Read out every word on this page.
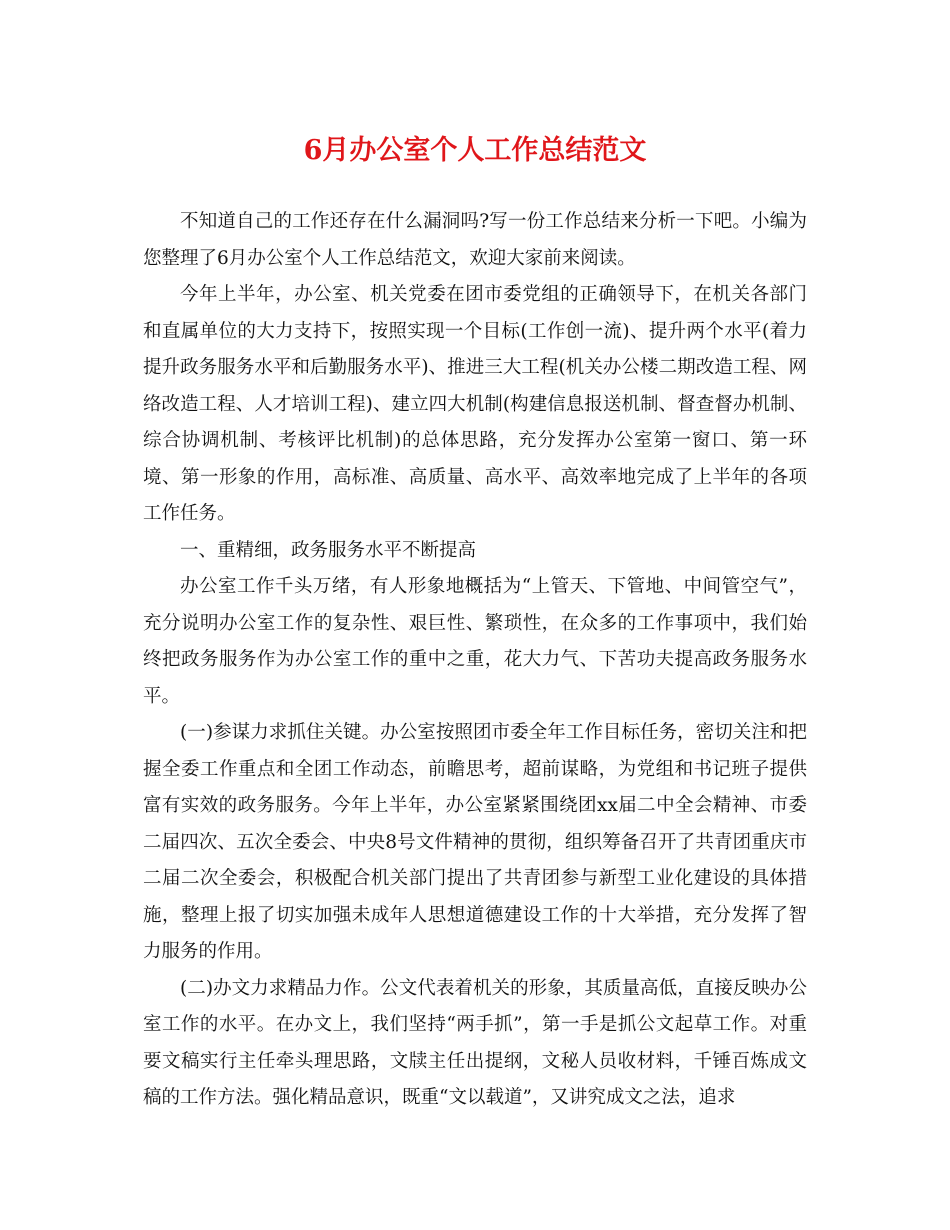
6月办公室个人工作总结范文

不知道自己的工作还存在什么漏洞吗?写一份工作总结来分析一下吧。小编为您整理了6月办公室个人工作总结范文，欢迎大家前来阅读。

今年上半年，办公室、机关党委在团市委党组的正确领导下，在机关各部门和直属单位的大力支持下，按照实现一个目标(工作创一流)、提升两个水平(着力提升政务服务水平和后勤服务水平)、推进三大工程(机关办公楼二期改造工程、网络改造工程、人才培训工程)、建立四大机制(构建信息报送机制、督查督办机制、综合协调机制、考核评比机制)的总体思路，充分发挥办公室第一窗口、第一环境、第一形象的作用，高标准、高质量、高水平、高效率地完成了上半年的各项工作任务。

一、重精细，政务服务水平不断提高

办公室工作千头万绪，有人形象地概括为“上管天、下管地、中间管空气”，充分说明办公室工作的复杂性、艰巨性、繁琐性，在众多的工作事项中，我们始终把政务服务作为办公室工作的重中之重，花大力气、下苦功夫提高政务服务水平。

(一)参谋力求抓住关键。办公室按照团市委全年工作目标任务，密切关注和把握全委工作重点和全团工作动态，前瞻思考，超前谋略，为党组和书记班子提供富有实效的政务服务。今年上半年，办公室紧紧围绕团xx届二中全会精神、市委二届四次、五次全委会、中央8号文件精神的贯彻，组织筹备召开了共青团重庆市二届二次全委会，积极配合机关部门提出了共青团参与新型工业化建设的具体措施，整理上报了切实加强未成年人思想道德建设工作的十大举措，充分发挥了智力服务的作用。

(二)办文力求精品力作。公文代表着机关的形象，其质量高低，直接反映办公室工作的水平。在办文上，我们坚持“两手抓”，第一手是抓公文起草工作。对重要文稿实行主任牵头理思路，文牍主任出提纲，文秘人员收材料，千锤百炼成文稿的工作方法。强化精品意识，既重“文以载道”，又讲究成文之法，追求
